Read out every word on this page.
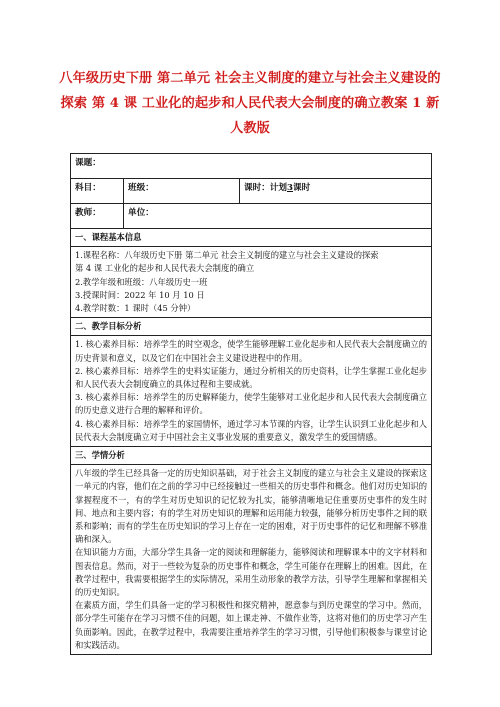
八年级历史下册 第二单元 社会主义制度的建立与社会主义建设的探索 第 4 课 工业化的起步和人民代表大会制度的确立教案 1 新人教版
课题：		
科目：	班级：	课时：计划3课时
教师：	单位：	
一、课程基本信息		

1.课程名称：八年级历史下册 第二单元 社会主义制度的建立与社会主义建设的探索
第 4 课 工业化的起步和人民代表大会制度的确立
2.教学年级和班级：八年级历史一班
3.授课时间：2022 年 10 月 10 日
4.教学时数：1 课时（45 分钟）		

二、教学目标分析		

1. 核心素养目标：培养学生的时空观念，使学生能够理解工业化起步和人民代表大会制度确立的历史背景和意义，以及它们在中国社会主义建设进程中的作用。
2. 核心素养目标：培养学生的史料实证能力，通过分析相关的历史资料，让学生掌握工业化起步和人民代表大会制度确立的具体过程和主要成就。
3. 核心素养目标：培养学生的历史解释能力，使学生能够对工业化起步和人民代表大会制度确立的历史意义进行合理的解释和评价。
4. 核心素养目标：培养学生的家国情怀，通过学习本节课的内容，让学生认识到工业化起步和人民代表大会制度确立对于中国社会主义事业发展的重要意义，激发学生的爱国情感。		

三、学情分析		

八年级的学生已经具备一定的历史知识基础，对于社会主义制度的建立与社会主义建设的探索这一单元的内容，他们在之前的学习中已经接触过一些相关的历史事件和概念。他们对历史知识的掌握程度不一，有的学生对历史知识的记忆较为扎实，能够清晰地记住重要历史事件的发生时间、地点和主要内容；有的学生对历史知识的理解和运用能力较强，能够分析历史事件之间的联系和影响；而有的学生在历史知识的学习上存在一定的困难，对于历史事件的记忆和理解不够准确和深入。
在知识能力方面，大部分学生具备一定的阅读和理解能力，能够阅读和理解课本中的文字材料和图表信息。然而，对于一些较为复杂的历史事件和概念，学生可能存在理解上的困难。因此，在教学过程中，我需要根据学生的实际情况，采用生动形象的教学方法，引导学生理解和掌握相关的历史知识。
在素质方面，学生们具备一定的学习积极性和探究精神，愿意参与到历史课堂的学习中。然而，部分学生可能存在学习习惯不佳的问题，如上课走神、不做作业等，这将对他们的历史学习产生负面影响。因此，在教学过程中，我需要注重培养学生的学习习惯，引导他们积极参与课堂讨论和实践活动。		
